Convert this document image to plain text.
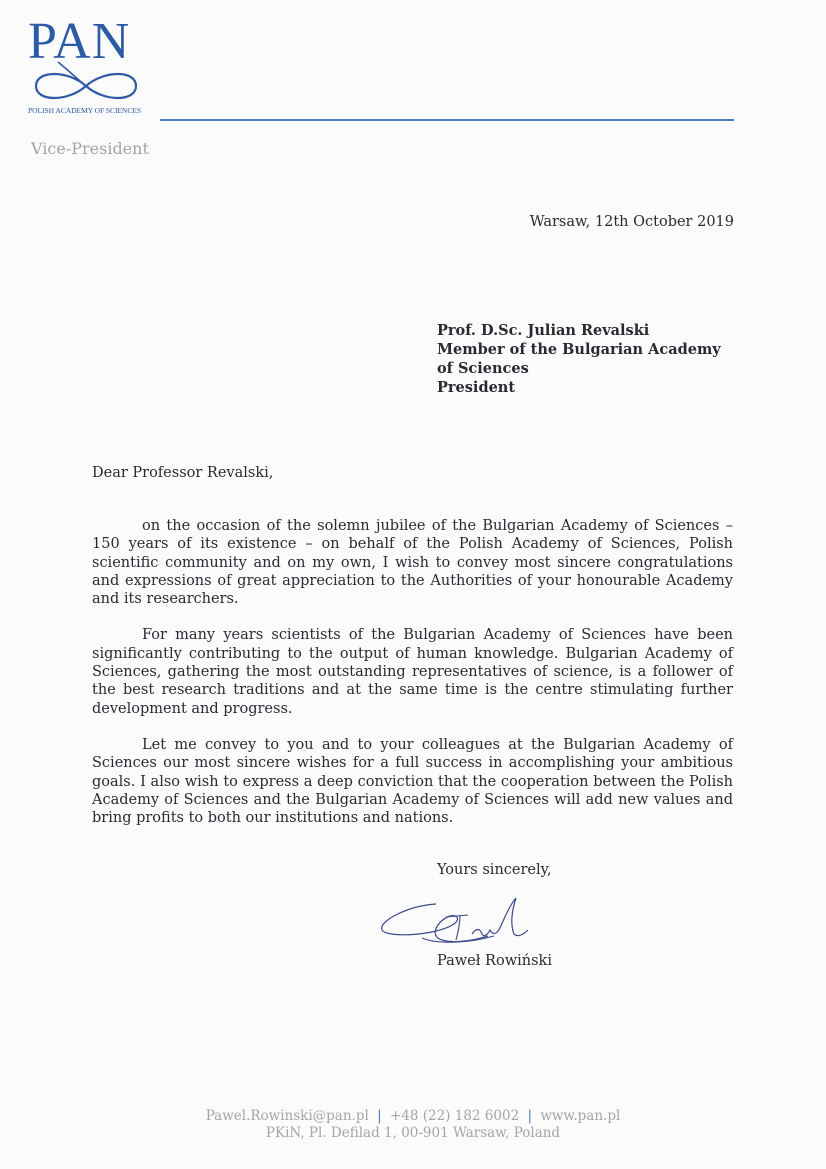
PAN
POLISH ACADEMY OF SCIENCES
Vice-President
Warsaw, 12th October 2019
Prof. D.Sc. Julian Revalski
Member of the Bulgarian Academy
of Sciences
President
Dear Professor Revalski,

on the occasion of the solemn jubilee of the Bulgarian Academy of Sciences – 150 years of its existence – on behalf of the Polish Academy of Sciences, Polish scientific community and on my own, I wish to convey most sincere congratulations and expressions of great appreciation to the Authorities of your honourable Academy and its researchers.

For many years scientists of the Bulgarian Academy of Sciences have been significantly contributing to the output of human knowledge. Bulgarian Academy of Sciences, gathering the most outstanding representatives of science, is a follower of the best research traditions and at the same time is the centre stimulating further development and progress.

Let me convey to you and to your colleagues at the Bulgarian Academy of Sciences our most sincere wishes for a full success in accomplishing your ambitious goals. I also wish to express a deep conviction that the cooperation between the Polish Academy of Sciences and the Bulgarian Academy of Sciences will add new values and bring profits to both our institutions and nations.

Yours sincerely,
Paweł Rowiński
Pawel.Rowinski@pan.pl | +48 (22) 182 6002 | www.pan.pl
PKiN, Pl. Defilad 1, 00-901 Warsaw, Poland
